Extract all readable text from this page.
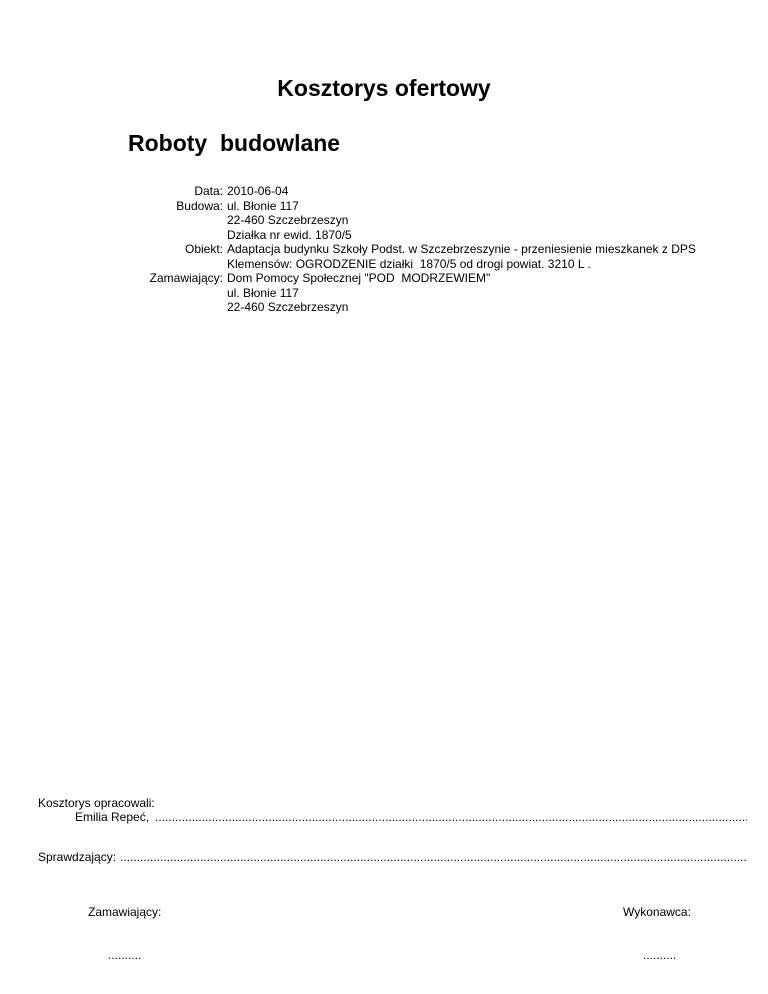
Kosztorys ofertowy
Roboty  budowlane
Data: 2010-06-04
Budowa: ul. Błonie 117
22-460 Szczebrzeszyn
Działka nr ewid. 1870/5
Obiekt: Adaptacja budynku Szkoły Podst. w Szczebrzeszynie - przeniesienie mieszkanek z DPS
Klemensów: OGRODZENIE działki  1870/5 od drogi powiat. 3210 L .
Zamawiający: Dom Pomocy Społecznej "POD  MODRZEWIEM"
ul. Błonie 117
22-460 Szczebrzeszyn
Kosztorys opracowali:
Emilia Repeć,
.....
Sprawdzający:
.....
Zamawiający:	Wykonawca:
..........	..........
